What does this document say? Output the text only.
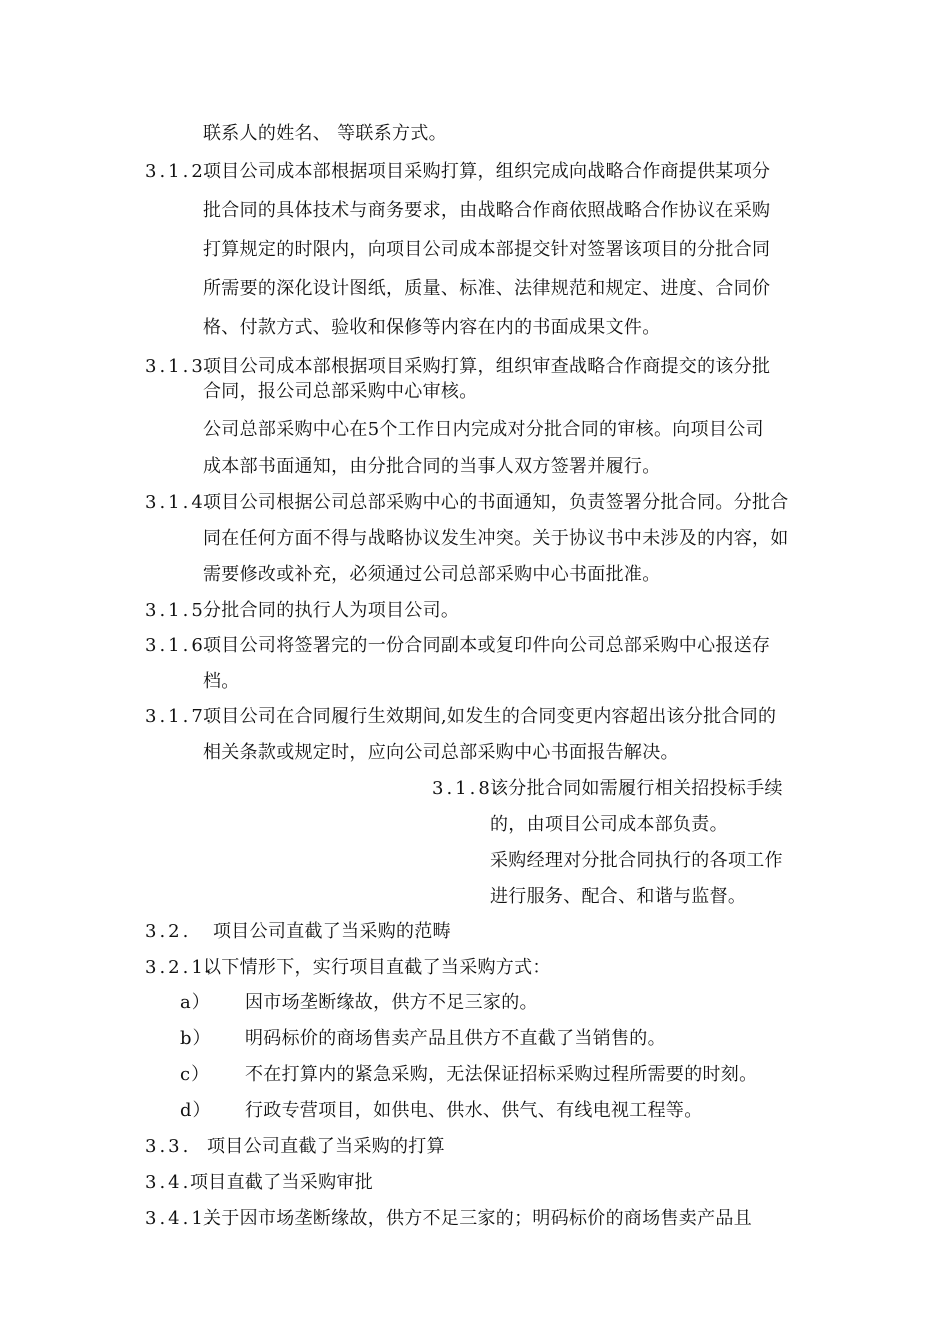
联系人的姓名、 等联系方式。
3.1.2.
项目公司成本部根据项目采购打算，组织完成向战略合作商提供某项分
批合同的具体技术与商务要求，由战略合作商依照战略合作协议在采购
打算规定的时限内，向项目公司成本部提交针对签署该项目的分批合同
所需要的深化设计图纸，质量、标准、法律规范和规定、进度、合同价
格、付款方式、验收和保修等内容在内的书面成果文件。
3.1.3.
项目公司成本部根据项目采购打算，组织审查战略合作商提交的该分批
合同，报公司总部采购中心审核。
公司总部采购中心在5个工作日内完成对分批合同的审核。向项目公司
成本部书面通知，由分批合同的当事人双方签署并履行。
3.1.4.
项目公司根据公司总部采购中心的书面通知，负责签署分批合同。分批合
同在任何方面不得与战略协议发生冲突。关于协议书中未涉及的内容，如
需要修改或补充，必须通过公司总部采购中心书面批准。
3.1.5.
分批合同的执行人为项目公司。
3.1.6.
项目公司将签署完的一份合同副本或复印件向公司总部采购中心报送存
档。
3.1.7.
项目公司在合同履行生效期间,如发生的合同变更内容超出该分批合同的
相关条款或规定时，应向公司总部采购中心书面报告解决。
3.1.8.
该分批合同如需履行相关招投标手续
的，由项目公司成本部负责。
采购经理对分批合同执行的各项工作
进行服务、配合、和谐与监督。
3.2. 项目公司直截了当采购的范畴
3.2.1.
以下情形下，实行项目直截了当采购方式：
a） 因市场垄断缘故，供方不足三家的。
b） 明码标价的商场售卖产品且供方不直截了当销售的。
c） 不在打算内的紧急采购，无法保证招标采购过程所需要的时刻。
d） 行政专营项目，如供电、供水、供气、有线电视工程等。
3.3. 项目公司直截了当采购的打算
3.4.
项目直截了当采购审批
3.4.1.
关于因市场垄断缘故，供方不足三家的；明码标价的商场售卖产品且
